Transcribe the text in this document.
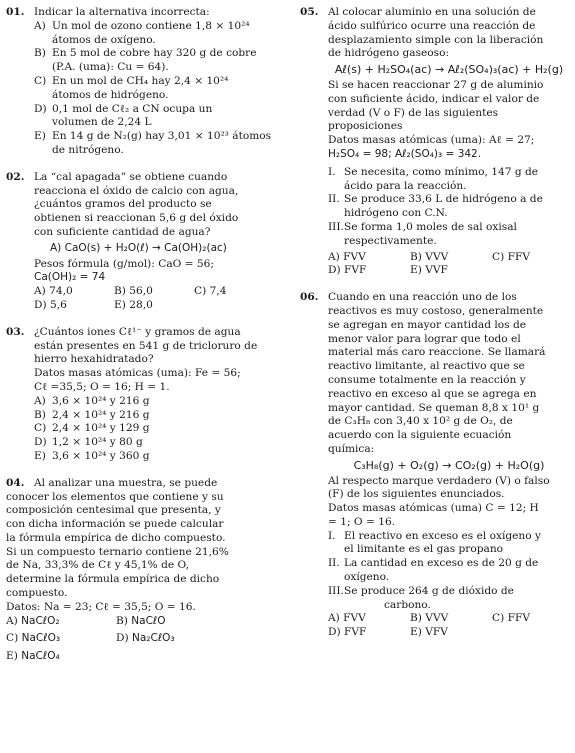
01. Indicar la alternativa incorrecta:
A) Un mol de ozono contiene 1,8 × 10²⁴
átomos de oxígeno.
B) En 5 mol de cobre hay 320 g de cobre
(P.A. (uma): Cu = 64).
C) En un mol de CH₄ hay 2,4 × 10²⁴
átomos de hidrógeno.
D) 0,1 mol de Cℓ₂ a CN ocupa un
volumen de 2,24 L
E) En 14 g de N₂(g) hay 3,01 × 10²³ átomos
de nitrógeno.
02. La “cal apagada” se obtiene cuando
reacciona el óxido de calcio con agua,
¿cuántos gramos del producto se
obtienen si reaccionan 5,6 g del óxido
con suficiente cantidad de agua?
A) CaO(s) + H₂O(ℓ) → Ca(OH)₂(ac)
Pesos fórmula (g/mol): CaO = 56;
Ca(OH)₂ = 74
A) 74,0	B) 56,0	C) 7,4
D) 5,6	E) 28,0
03. ¿Cuántos iones Cℓ¹⁻ y gramos de agua
están presentes en 541 g de tricloruro de
hierro hexahidratado?
Datos masas atómicas (uma): Fe = 56;
Cℓ =35,5; O = 16; H = 1.
A) 3,6 × 10²⁴ y 216 g
B) 2,4 × 10²⁴ y 216 g
C) 2,4 × 10²⁴ y 129 g
D) 1,2 × 10²⁴ y 80 g
E) 3,6 × 10²⁴ y 360 g
04. Al analizar una muestra, se puede
conocer los elementos que contiene y su
composición centesimal que presenta, y
con dicha información se puede calcular
la fórmula empírica de dicho compuesto.
Si un compuesto ternario contiene 21,6%
de Na, 33,3% de Cℓ y 45,1% de O,
determine la fórmula empírica de dicho
compuesto.
Datos: Na = 23; Cℓ = 35,5; O = 16.
A) NaCℓO₂	B) NaCℓO
C) NaCℓO₃	D) Na₂CℓO₃
E) NaCℓO₄
05. Al colocar aluminio en una solución de
ácido sulfúrico ocurre una reacción de
desplazamiento simple con la liberación
de hidrógeno gaseoso:
Aℓ(s) + H₂SO₄(ac) → Aℓ₂(SO₄)₃(ac) + H₂(g)
Si se hacen reaccionar 27 g de aluminio
con suficiente ácido, indicar el valor de
verdad (V o F) de las siguientes
proposiciones
Datos masas atómicas (uma): Aℓ = 27;
H₂SO₄ = 98; Aℓ₂(SO₄)₃ = 342.
I. Se necesita, como mínimo, 147 g de
ácido para la reacción.
II. Se produce 33,6 L de hidrógeno a de
hidrógeno con C.N.
III. Se forma 1,0 moles de sal oxisal
respectivamente.
A) FVV	B) VVV	C) FFV
D) FVF	E) VVF
06. Cuando en una reacción uno de los
reactivos es muy costoso, generalmente
se agregan en mayor cantidad los de
menor valor para lograr que todo el
material más caro reaccione. Se llamará
reactivo limitante, al reactivo que se
consume totalmente en la reacción y
reactivo en exceso al que se agrega en
mayor cantidad. Se queman 8,8 x 10¹ g
de C₃H₈ con 3,40 x 10² g de O₂, de
acuerdo con la siguiente ecuación
química:
C₃H₈(g) + O₂(g) → CO₂(g) + H₂O(g)
Al respecto marque verdadero (V) o falso
(F) de los siguientes enunciados.
Datos masas atómicas (uma) C = 12; H
= 1; O = 16.
I. El reactivo en exceso es el oxígeno y
el limitante es el gas propano
II. La cantidad en exceso es de 20 g de
oxígeno.
III. Se produce 264 g de dióxido de
carbono.
A) FVV	B) VVV	C) FFV
D) FVF	E) VFV
